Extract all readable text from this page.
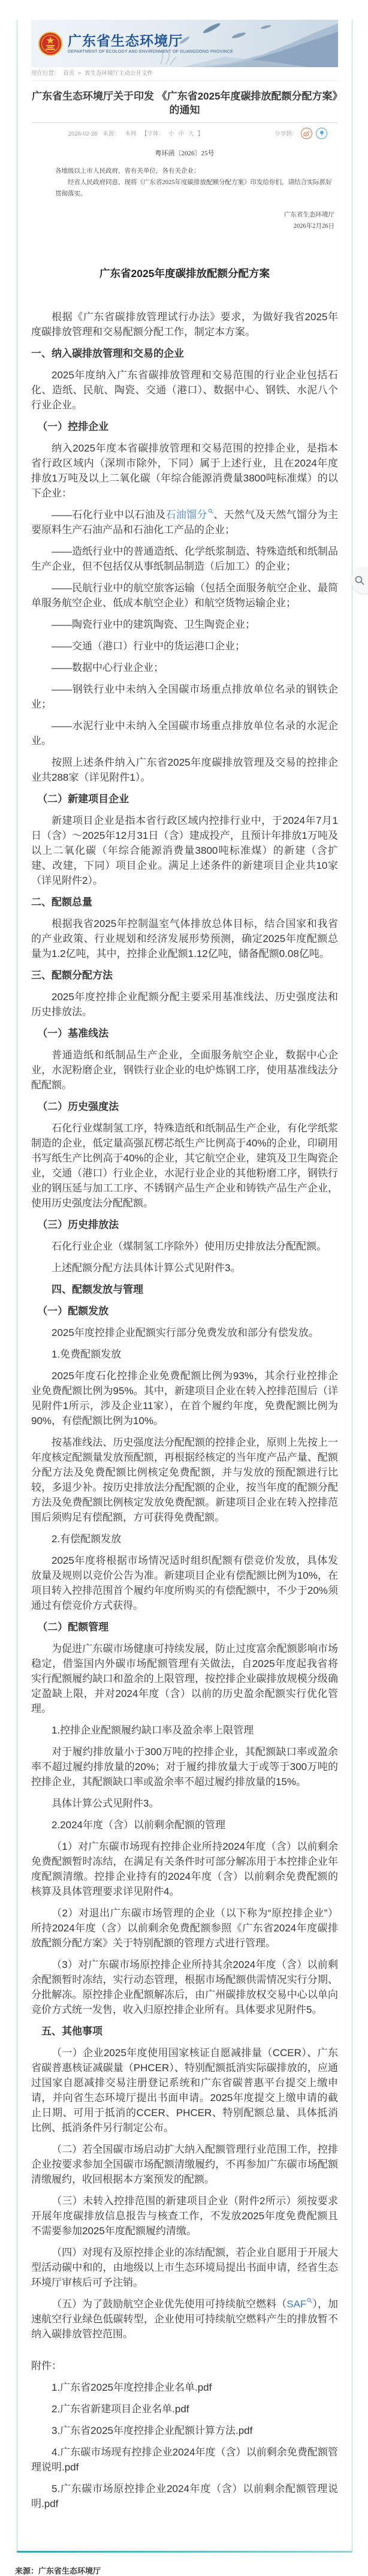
广东省生态环境厅
DEPARTMENT OF ECOLOGY AND ENVIRONMENT OF GUANGDONG PROVINCE
现在位置： 首页 > 省生态环境厅主动公开文件
广东省生态环境厅关于印发 《广东省2025年度碳排放配额分配方案》的通知
2026-02-26 来源： 本网 【字体： 小 中 大 】	分享到：
粤环函〔2026〕25号

各地级以上市人民政府，省有关单位，各有关企业：

经省人民政府同意，现将《广东省2025年度碳排放配额分配方案》印发给你们，请结合实际抓好贯彻落实。

广东省生态环境厅
2026年2月26日
广东省2025年度碳排放配额分配方案

根据《广东省碳排放管理试行办法》要求，为做好我省2025年度碳排放管理和交易配额分配工作，制定本方案。

一、纳入碳排放管理和交易的企业

2025年度纳入广东省碳排放管理和交易范围的行业企业包括石化、造纸、民航、陶瓷、交通（港口）、数据中心、钢铁、水泥八个行业企业。

（一）控排企业

纳入2025年度本省碳排放管理和交易范围的控排企业，是指本省行政区域内（深圳市除外，下同）属于上述行业，且在2024年度排放1万吨及以上二氧化碳（年综合能源消费量3800吨标准煤）的以下企业：

——石化行业中以石油及石油馏分 、天然气及天然气馏分为主要原料生产石油产品和石油化工产品的企业；

——造纸行业中的普通造纸、化学纸浆制造、特殊造纸和纸制品生产企业，但不包括仅从事纸制品制造（后加工）的企业；

——民航行业中的航空旅客运输（包括全面服务航空企业、最简单服务航空企业、低成本航空企业）和航空货物运输企业；

——陶瓷行业中的建筑陶瓷、卫生陶瓷企业；

——交通（港口）行业中的货运港口企业；

——数据中心行业企业；

——钢铁行业中未纳入全国碳市场重点排放单位名录的钢铁企业；

——水泥行业中未纳入全国碳市场重点排放单位名录的水泥企业。

按照上述条件纳入广东省2025年度碳排放管理及交易的控排企业共288家（详见附件1）。

（二）新建项目企业

新建项目企业是指本省行政区域内控排行业中，于2024年7月1日（含）～2025年12月31日（含）建成投产，且预计年排放1万吨及以上二氧化碳（年综合能源消费量3800吨标准煤）的新建（含扩建、改建，下同）项目企业。满足上述条件的新建项目企业共10家（详见附件2）。

二、配额总量

根据我省2025年控制温室气体排放总体目标，结合国家和我省的产业政策、行业规划和经济发展形势预测，确定2025年度配额总量为1.2亿吨，其中，控排企业配额1.12亿吨，储备配额0.08亿吨。

三、配额分配方法

2025年度控排企业配额分配主要采用基准线法、历史强度法和历史排放法。

（一）基准线法

普通造纸和纸制品生产企业，全面服务航空企业，数据中心企业，水泥粉磨企业，钢铁行业企业的电炉炼钢工序，使用基准线法分配配额。

（二）历史强度法

石化行业煤制氢工序，特殊造纸和纸制品生产企业，有化学纸浆制造的企业，低定量高强瓦楞芯纸生产比例高于40%的企业，印刷用书写纸生产比例高于40%的企业，其它航空企业，建筑及卫生陶瓷企业，交通（港口）行业企业，水泥行业企业的其他粉磨工序，钢铁行业的钢压延与加工工序、不锈钢产品生产企业和铸铁产品生产企业，使用历史强度法分配配额。

（三）历史排放法

石化行业企业（煤制氢工序除外）使用历史排放法分配配额。

上述配额分配方法具体计算公式见附件3。

四、配额发放与管理

（一）配额发放

2025年度控排企业配额实行部分免费发放和部分有偿发放。

1.免费配额发放

2025年度石化控排企业免费配额比例为93%，其余行业控排企业免费配额比例为95%。其中，新建项目企业在转入控排范围后（详见附件1所示，涉及企业11家），在首个履约年度，免费配额比例为90%，有偿配额比例为10%。

按基准线法、历史强度法分配配额的控排企业，原则上先按上一年度核定配额量发放预配额，再根据经核定的当年度产品产量、配额分配方法及免费配额比例核定免费配额，并与发放的预配额进行比较，多退少补。按历史排放法分配配额的企业，按当年度的配额分配方法及免费配额比例核定发放免费配额。新建项目企业在转入控排范围后须购足有偿配额，方可获得免费配额。

2.有偿配额发放

2025年度将根据市场情况适时组织配额有偿竞价发放，具体发放量及规则以竞价公告为准。新建项目企业有偿配额比例为10%，在项目转入控排范围首个履约年度所购买的有偿配额中，不少于20%须通过有偿竞价方式获得。

（二）配额管理

为促进广东碳市场健康可持续发展，防止过度富余配额影响市场稳定，借鉴国内外碳市场配额管理有关做法，自2025年度起我省将实行配额履约缺口和盈余的上限管理，按控排企业碳排放规模分级确定盈缺上限，并对2024年度（含）以前的历史盈余配额实行优化管理。

1.控排企业配额履约缺口率及盈余率上限管理

对于履约排放量小于300万吨的控排企业，其配额缺口率或盈余率不超过履约排放量的20%；对于履约排放量大于或等于300万吨的控排企业，其配额缺口率或盈余率不超过履约排放量的15%。

具体计算公式见附件3。

2.2024年度（含）以前剩余配额的管理

（1）对广东碳市场现有控排企业所持2024年度（含）以前剩余免费配额暂时冻结，在满足有关条件时可部分解冻用于本控排企业年度配额清缴。控排企业持有的2024年度（含）以前剩余免费配额的核算及具体管理要求详见附件4。

（2）对退出广东碳市场管理的企业（以下称为“原控排企业”）所持2024年度（含）以前剩余免费配额参照《广东省2024年度碳排放配额分配方案》关于特别配额的管理方式进行管理。

（3）对广东碳市场原控排企业所持其余2024年度（含）以前剩余配额暂时冻结，实行动态管理，根据市场配额供需情况实行分期、分批解冻。原控排企业配额解冻后，由广州碳排放权交易中心以单向竞价方式统一发售，收入归原控排企业所有。具体要求见附件5。

五、其他事项

（一）企业2025年度使用国家核证自愿减排量（CCER）、广东省碳普惠核证减碳量（PHCER）、特别配额抵消实际碳排放的，应通过国家自愿减排交易注册登记系统和广东省碳普惠平台提交上缴申请，并向省生态环境厅提出书面申请。2025年度提交上缴申请的截止日期、可用于抵消的CCER、PHCER、特别配额总量、具体抵消比例、抵消条件另行制定公布。

（二）若全国碳市场启动扩大纳入配额管理行业范围工作，控排企业按要求参加全国碳市场配额清缴履约，不再参加广东碳市场配额清缴履约，收回根据本方案预发的配额。

（三）未转入控排范围的新建项目企业（附件2所示）须按要求开展年度碳排放信息报告与核查工作，不发放2025年度免费配额且不需要参加2025年度配额履约清缴。

（四）对现有及原控排企业的冻结配额，若企业自愿用于开展大型活动碳中和的，由地级以上市生态环境局提出书面申请，经省生态环境厅审核后可予注销。

（五）为了鼓励航空企业优先使用可持续航空燃料（SAF ），加速航空行业绿色低碳转型，企业使用可持续航空燃料产生的排放暂不纳入碳排放管控范围。

附件：

1.广东省2025年度控排企业名单.pdf

2.广东省新建项目企业名单.pdf

3.广东省2025年度控排企业配额计算方法.pdf

4.广东碳市场现有控排企业2024年度（含）以前剩余免费配额管理说明.pdf

5.广东碳市场原控排企业2024年度（含）以前剩余配额管理说明.pdf

来源：广东省生态环境厅
